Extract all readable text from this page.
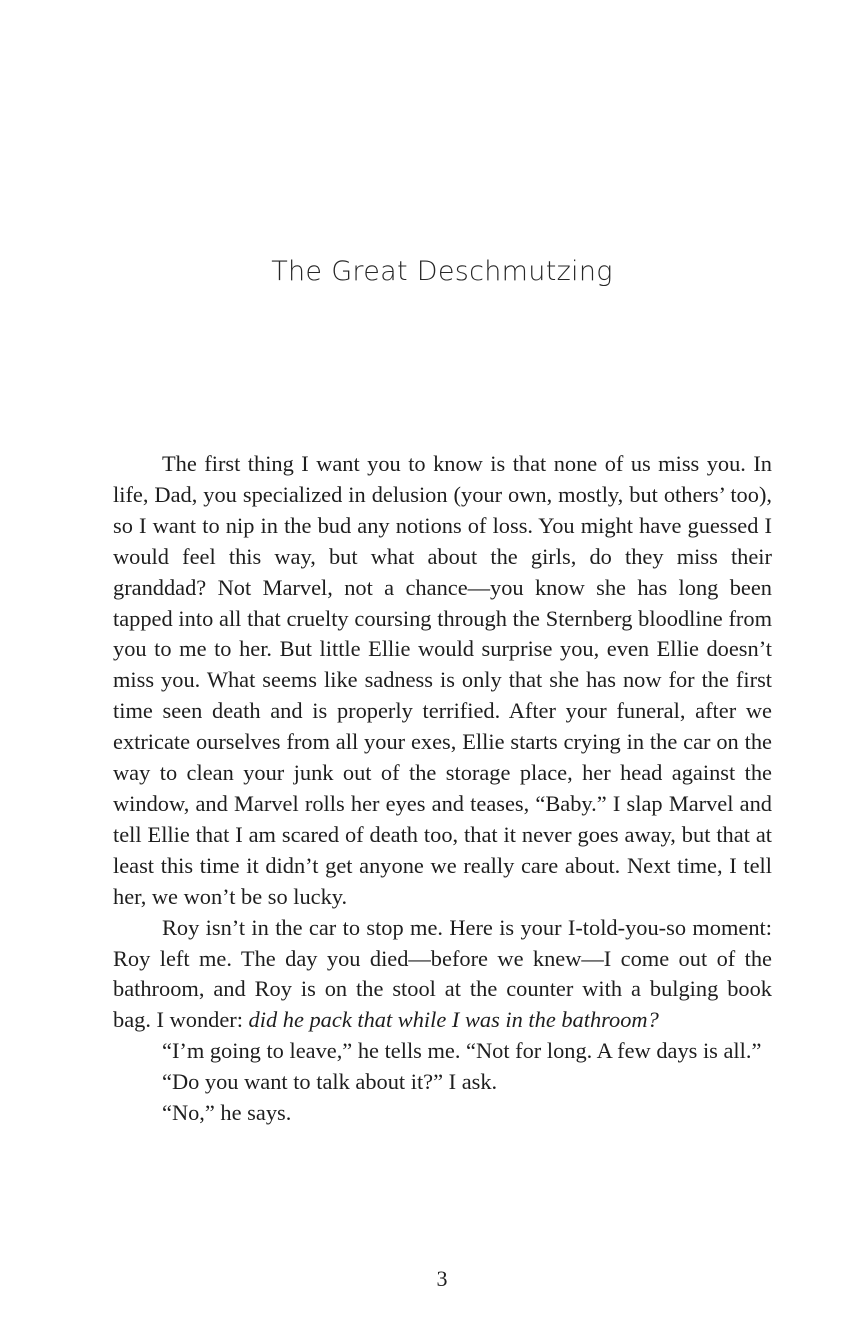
The Great Deschmutzing

The first thing I want you to know is that none of us miss you. In life, Dad, you specialized in delusion (your own, mostly, but others’ too), so I want to nip in the bud any notions of loss. You might have guessed I would feel this way, but what about the girls, do they miss their granddad? Not Marvel, not a chance—you know she has long been tapped into all that cruelty coursing through the Sternberg bloodline from you to me to her. But little Ellie would surprise you, even Ellie doesn’t miss you. What seems like sadness is only that she has now for the first time seen death and is properly terrified. After your funeral, after we extricate ourselves from all your exes, Ellie starts crying in the car on the way to clean your junk out of the storage place, her head against the window, and Marvel rolls her eyes and teases, “Baby.” I slap Marvel and tell Ellie that I am scared of death too, that it never goes away, but that at least this time it didn’t get anyone we really care about. Next time, I tell her, we won’t be so lucky.

Roy isn’t in the car to stop me. Here is your I-told-you-so moment: Roy left me. The day you died—before we knew—I come out of the bathroom, and Roy is on the stool at the counter with a bulging book bag. I wonder: did he pack that while I was in the bathroom?

“I’m going to leave,” he tells me. “Not for long. A few days is all.”

“Do you want to talk about it?” I ask.

“No,” he says.

3
